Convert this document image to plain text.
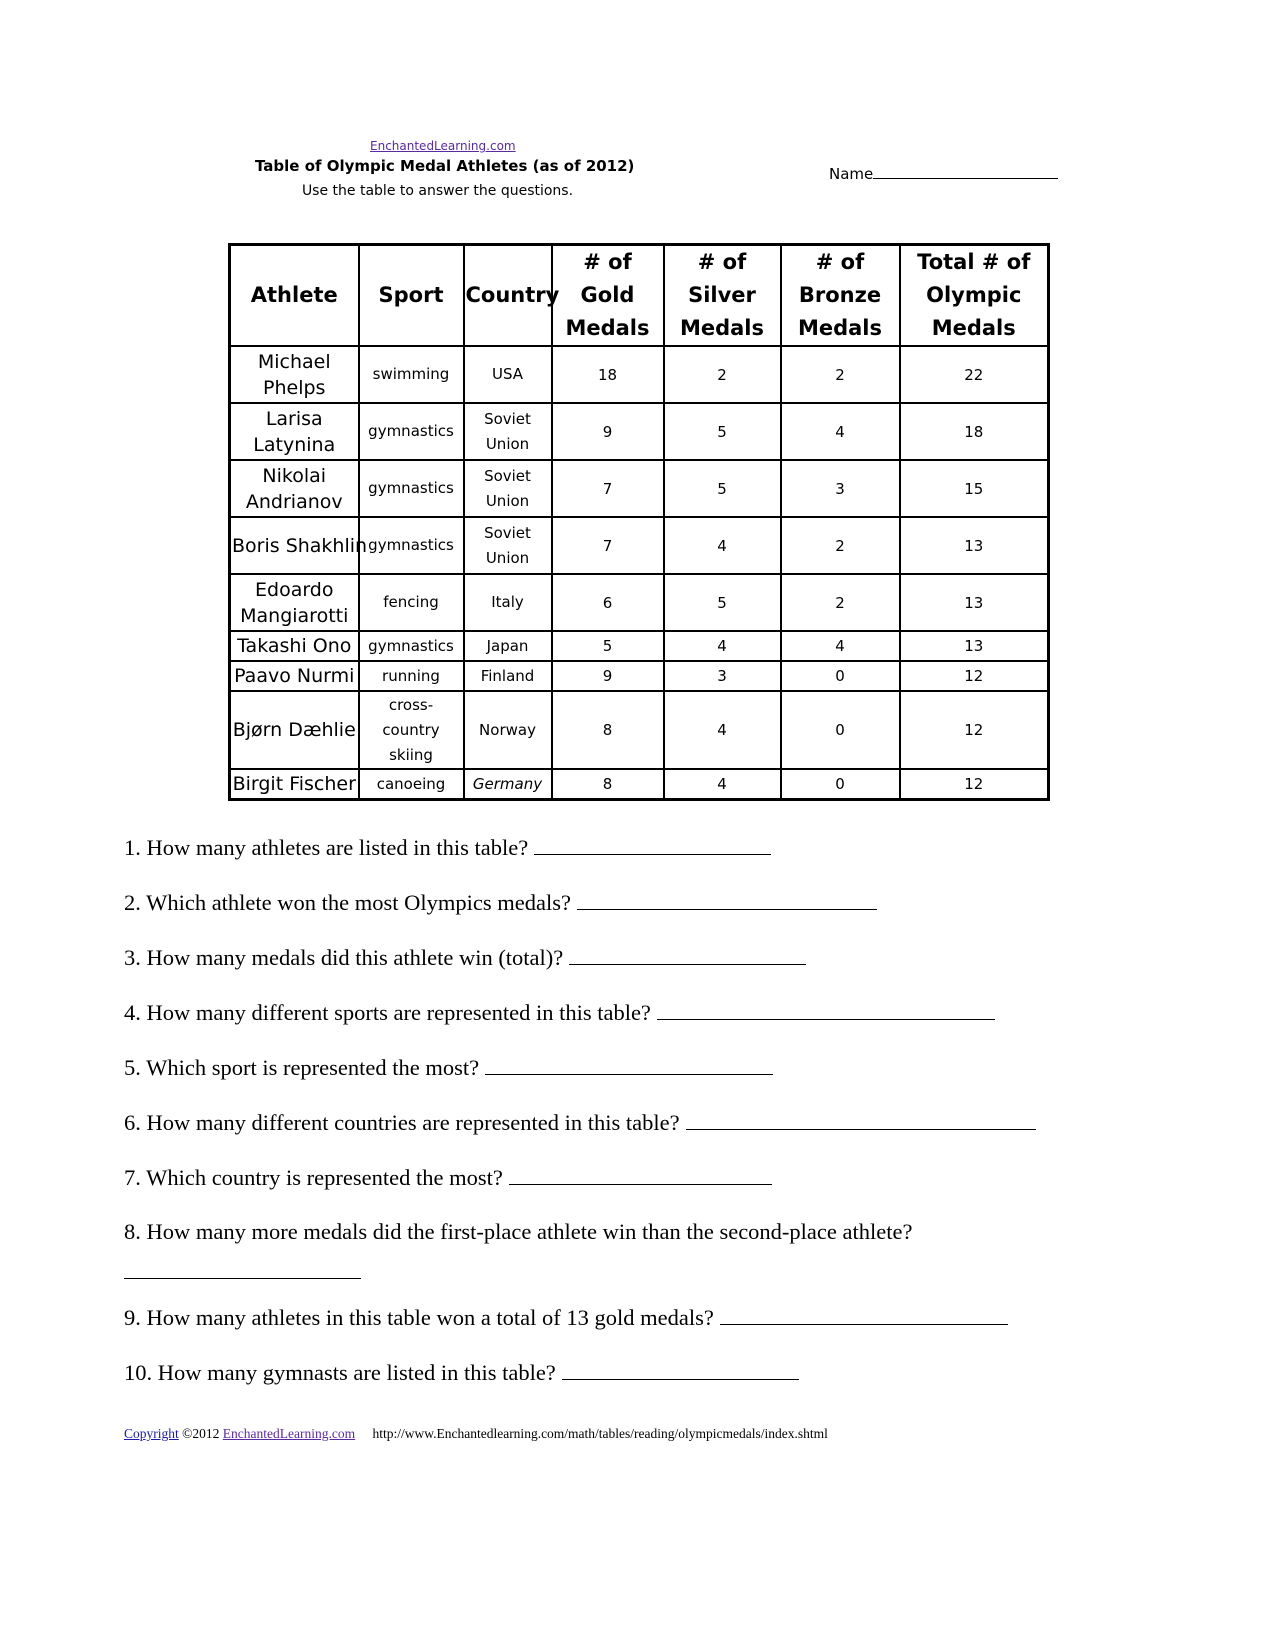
EnchantedLearning.com
Table of Olympic Medal Athletes (as of 2012)
Use the table to answer the questions.
Name
Athlete	Sport	Country	# of Gold Medals	# of Silver Medals	# of Bronze Medals	Total # of Olympic Medals
Michael Phelps	swimming	USA	18	2	2	22
Larisa Latynina	gymnastics	Soviet Union	9	5	4	18
Nikolai Andrianov	gymnastics	Soviet Union	7	5	3	15
Boris Shakhlin	gymnastics	Soviet Union	7	4	2	13
Edoardo Mangiarotti	fencing	Italy	6	5	2	13
Takashi Ono	gymnastics	Japan	5	4	4	13
Paavo Nurmi	running	Finland	9	3	0	12
Bjørn Dæhlie	cross-country skiing	Norway	8	4	0	12
Birgit Fischer	canoeing	Germany	8	4	0	12
1. How many athletes are listed in this table?
2. Which athlete won the most Olympics medals?
3. How many medals did this athlete win (total)?
4. How many different sports are represented in this table?
5. Which sport is represented the most?
6. How many different countries are represented in this table?
7. Which country is represented the most?
8. How many more medals did the first-place athlete win than the second-place athlete?
9. How many athletes in this table won a total of 13 gold medals?
10. How many gymnasts are listed in this table?
Copyright ©2012 EnchantedLearning.com http://www.Enchantedlearning.com/math/tables/reading/olympicmedals/index.shtml
